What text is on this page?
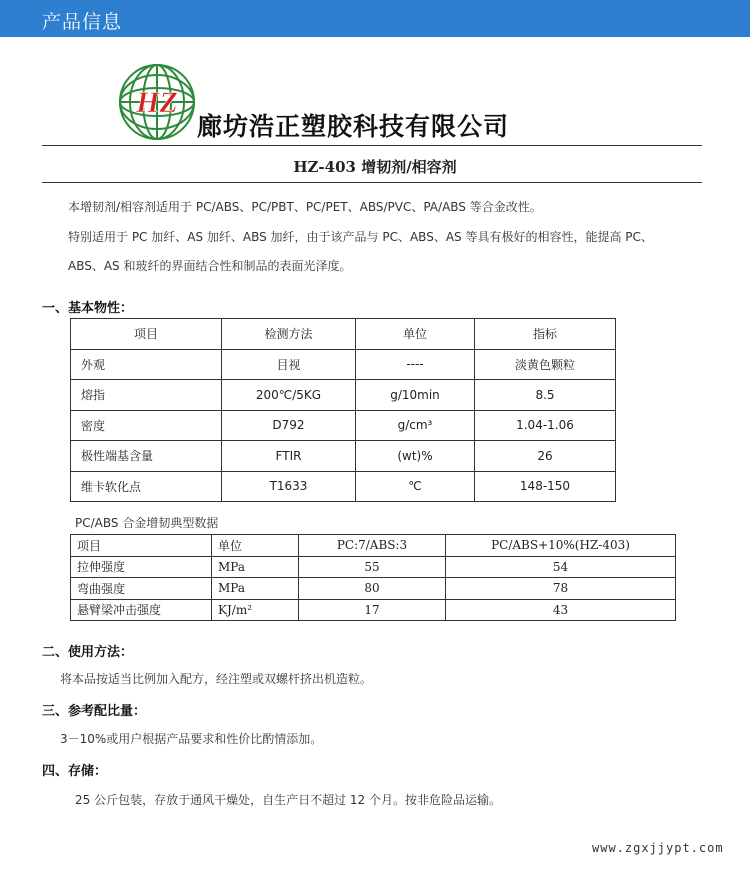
产品信息
HZ
廊坊浩正塑胶科技有限公司
HZ-403 增韧剂/相容剂
本增韧剂/相容剂适用于 PC/ABS、PC/PBT、PC/PET、ABS/PVC、PA/ABS 等合金改性。
特别适用于 PC 加纤、AS 加纤、ABS 加纤，由于该产品与 PC、ABS、AS 等具有极好的相容性，能提高 PC、
ABS、AS 和玻纤的界面结合性和制品的表面光泽度。
一、基本物性：
项目	检测方法	单位	指标
外观	目视	----	淡黄色颗粒
熔指	200℃/5KG	g/10min	8.5
密度	D792	g/cm³	1.04-1.06
极性端基含量	FTIR	(wt)%	26
维卡软化点	T1633	℃	148-150
PC/ABS 合金增韧典型数据
项目	单位	PC:7/ABS:3	PC/ABS+10%(HZ-403)
拉伸强度	MPa	55	54
弯曲强度	MPa	80	78
悬臂梁冲击强度	KJ/m²	17	43
二、使用方法：
将本品按适当比例加入配方，经注塑或双螺杆挤出机造粒。
三、参考配比量：
3－10%或用户根据产品要求和性价比酌情添加。
四、存储：
25 公斤包装，存放于通风干燥处，自生产日不超过 12 个月。按非危险品运输。
www.zgxjjypt.com
